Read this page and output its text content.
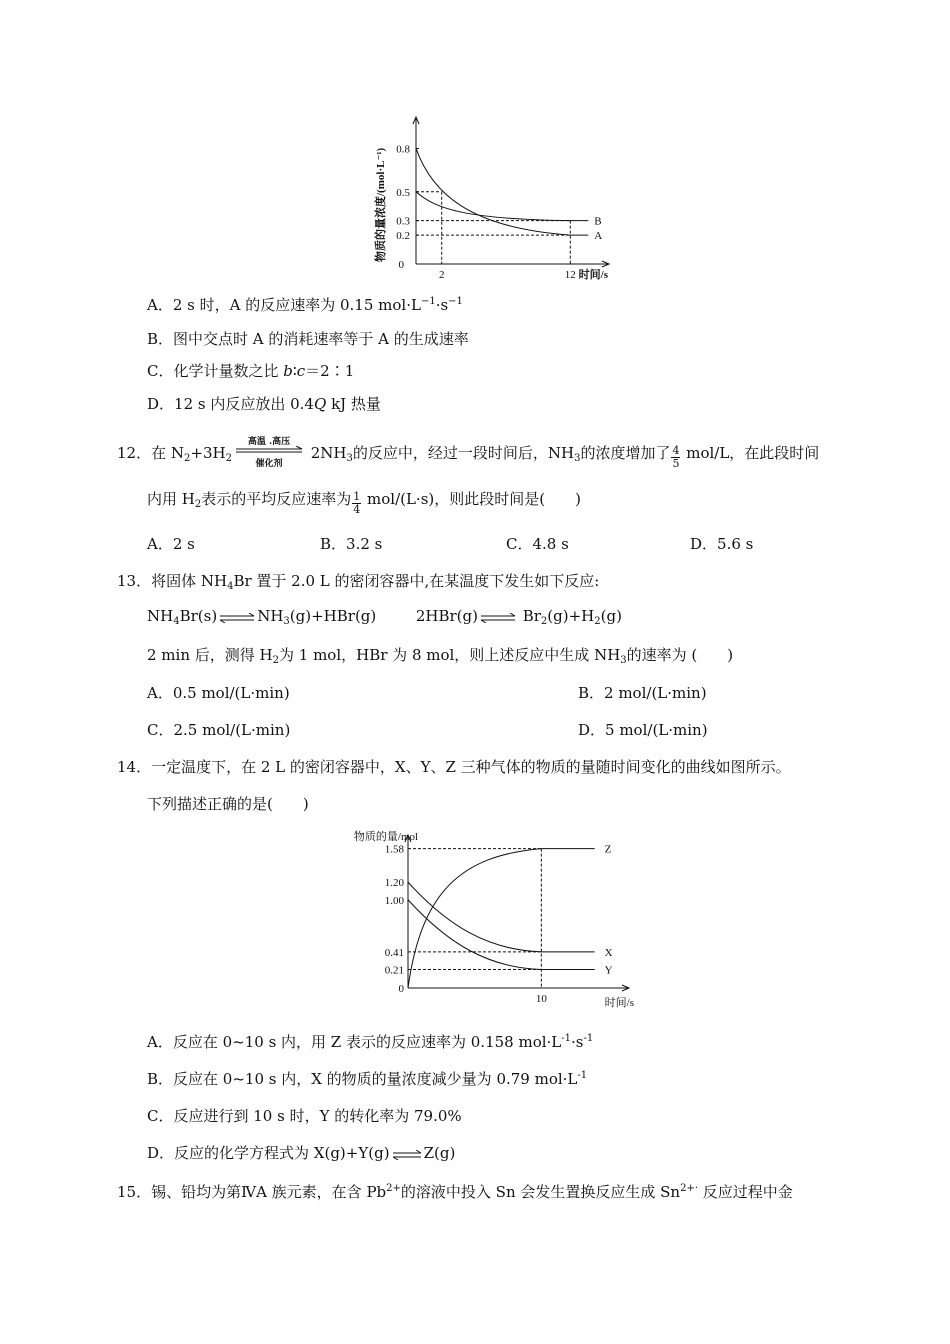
0.8
0.5
0.3
0.2
0
2	12 时间/s
物质的量浓度/(mol·L⁻¹)	B
A
A．2 s 时，A 的反应速率为 0.15 $mol\cdot L^{-1}\cdot s^{-1}$
B．图中交点时 A 的消耗速率等于 A 的生成速率
C．化学计量数之比 b∶c＝2∶1
D．12 s 内反应放出 0.4Q kJ 热量
12．在 $N_2+3H_2$
高温 .高压
催化剂
$2NH_3$的反应中，经过一段时间后，$NH_3$的浓度增加了 $\frac{4}{5} mol/L$，在此段时间
内用 $H_2$表示的平均反应速率为 $\frac{1}{4} mol/(L\cdot s)$，则此段时间是(　　)
A．2 s	B．3.2 s	C．4.8 s	D．5.6 s
13．将固体 $NH_4Br$ 置于 2.0 L 的密闭容器中,在某温度下发生如下反应:
$NH_4Br(s)$ ⇌ $NH_3(g)+HBr(g)$	2HBr(g) ⇌ $Br_2(g)+H_2(g)$
2 min 后，测得 $H_2$为 1 mol，HBr 为 8 mol，则上述反应中生成 $NH_3$的速率为 (　　)
A．0.5 mol/(L·min)	B．2 mol/(L·min)
C．2.5 mol/(L·min)	D．5 mol/(L·min)
14．一定温度下，在 2 L 的密闭容器中，X、Y、Z 三种气体的物质的量随时间变化的曲线如图所示。
下列描述正确的是(　　)
物质的量/mol
1.58
1.20
1.00
0.41
0.21
0
10	时间/s
Z
X
Y
A．反应在 0~10 s 内，用 Z 表示的反应速率为 0.158 $mol\cdot L^{-1}\cdot s^{-1}$
B．反应在 0~10 s 内，X 的物质的量浓度减少量为 0.79 $mol\cdot L^{-1}$
C．反应进行到 10 s 时，Y 的转化率为 79.0%
D．反应的化学方程式为 X(g)+Y(g) ⇌ Z(g)
15．锡、铅均为第ⅣA 族元素，在含 $Pb^{2+}$的溶液中投入 Sn 会发生置换反应生成 $Sn^{2+\cdot}$ 反应过程中金
